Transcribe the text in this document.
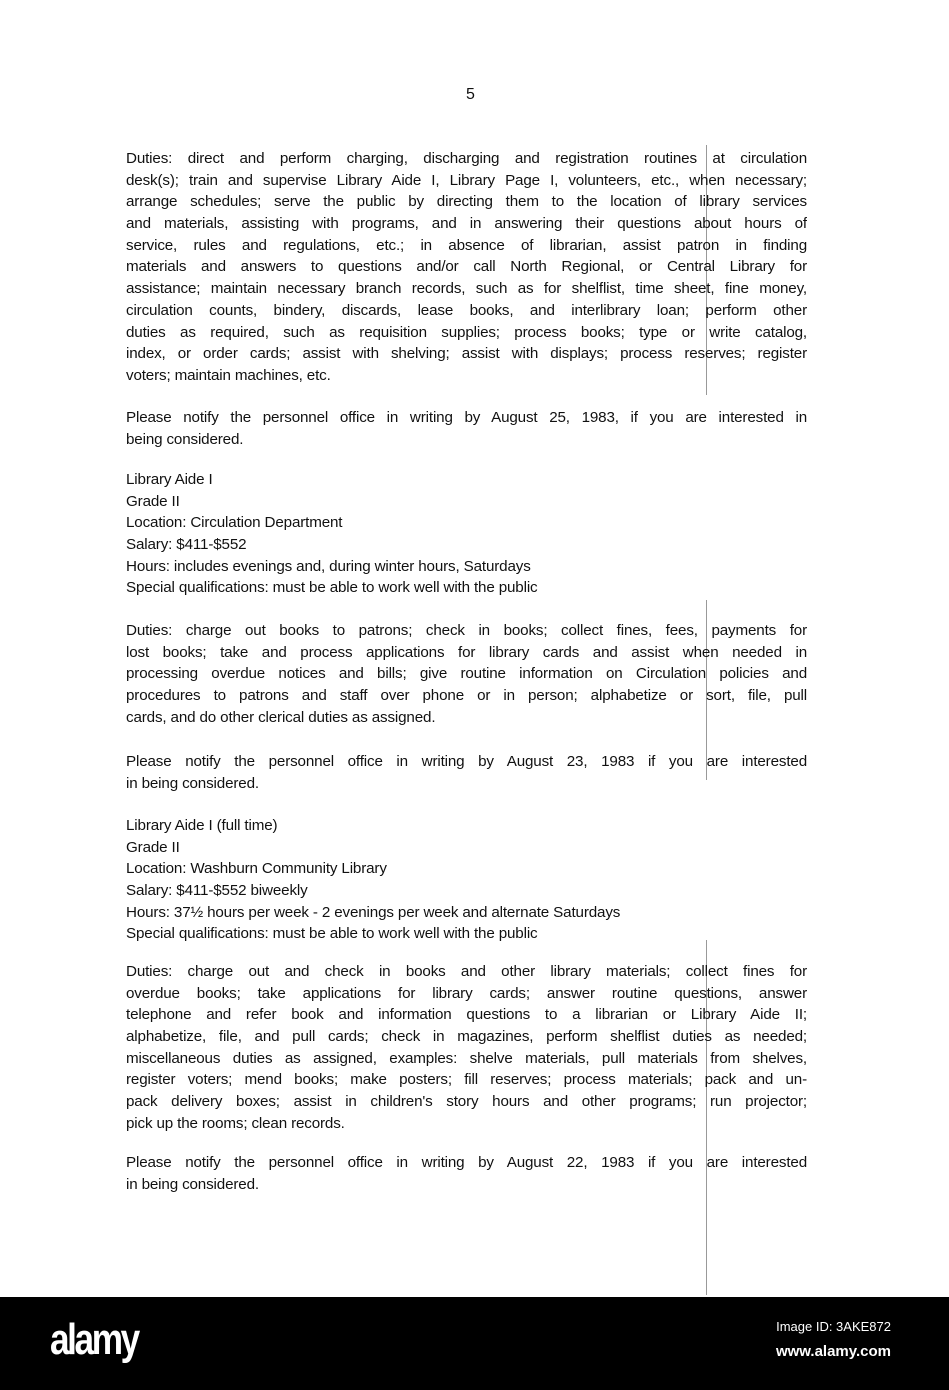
5
Duties: direct and perform charging, discharging and registration routines at circulation
desk(s); train and supervise Library Aide I, Library Page I, volunteers, etc., when necessary;
arrange schedules; serve the public by directing them to the location of library services
and materials, assisting with programs, and in answering their questions about hours of
service, rules and regulations, etc.; in absence of librarian, assist patron in finding
materials and answers to questions and/or call North Regional, or Central Library for
assistance; maintain necessary branch records, such as for shelflist, time sheet, fine money,
circulation counts, bindery, discards, lease books, and interlibrary loan; perform other
duties as required, such as requisition supplies; process books; type or write catalog,
index, or order cards; assist with shelving; assist with displays; process reserves; register
voters; maintain machines, etc.
Please notify the personnel office in writing by August 25, 1983, if you are interested in
being considered.
Library Aide I
Grade II
Location: Circulation Department
Salary: $411-$552
Hours: includes evenings and, during winter hours, Saturdays
Special qualifications: must be able to work well with the public
Duties: charge out books to patrons; check in books; collect fines, fees, payments for
lost books; take and process applications for library cards and assist when needed in
processing overdue notices and bills; give routine information on Circulation policies and
procedures to patrons and staff over phone or in person; alphabetize or sort, file, pull
cards, and do other clerical duties as assigned.
Please notify the personnel office in writing by August 23, 1983 if you are interested
in being considered.
Library Aide I (full time)
Grade II
Location: Washburn Community Library
Salary: $411-$552 biweekly
Hours: 37½ hours per week - 2 evenings per week and alternate Saturdays
Special qualifications: must be able to work well with the public
Duties: charge out and check in books and other library materials; collect fines for
overdue books; take applications for library cards; answer routine questions, answer
telephone and refer book and information questions to a librarian or Library Aide II;
alphabetize, file, and pull cards; check in magazines, perform shelflist duties as needed;
miscellaneous duties as assigned, examples: shelve materials, pull materials from shelves,
register voters; mend books; make posters; fill reserves; process materials; pack and un-
pack delivery boxes; assist in children's story hours and other programs; run projector;
pick up the rooms; clean records.
Please notify the personnel office in writing by August 22, 1983 if you are interested
in being considered.
alamy	Image ID: 3AKE872
www.alamy.com
